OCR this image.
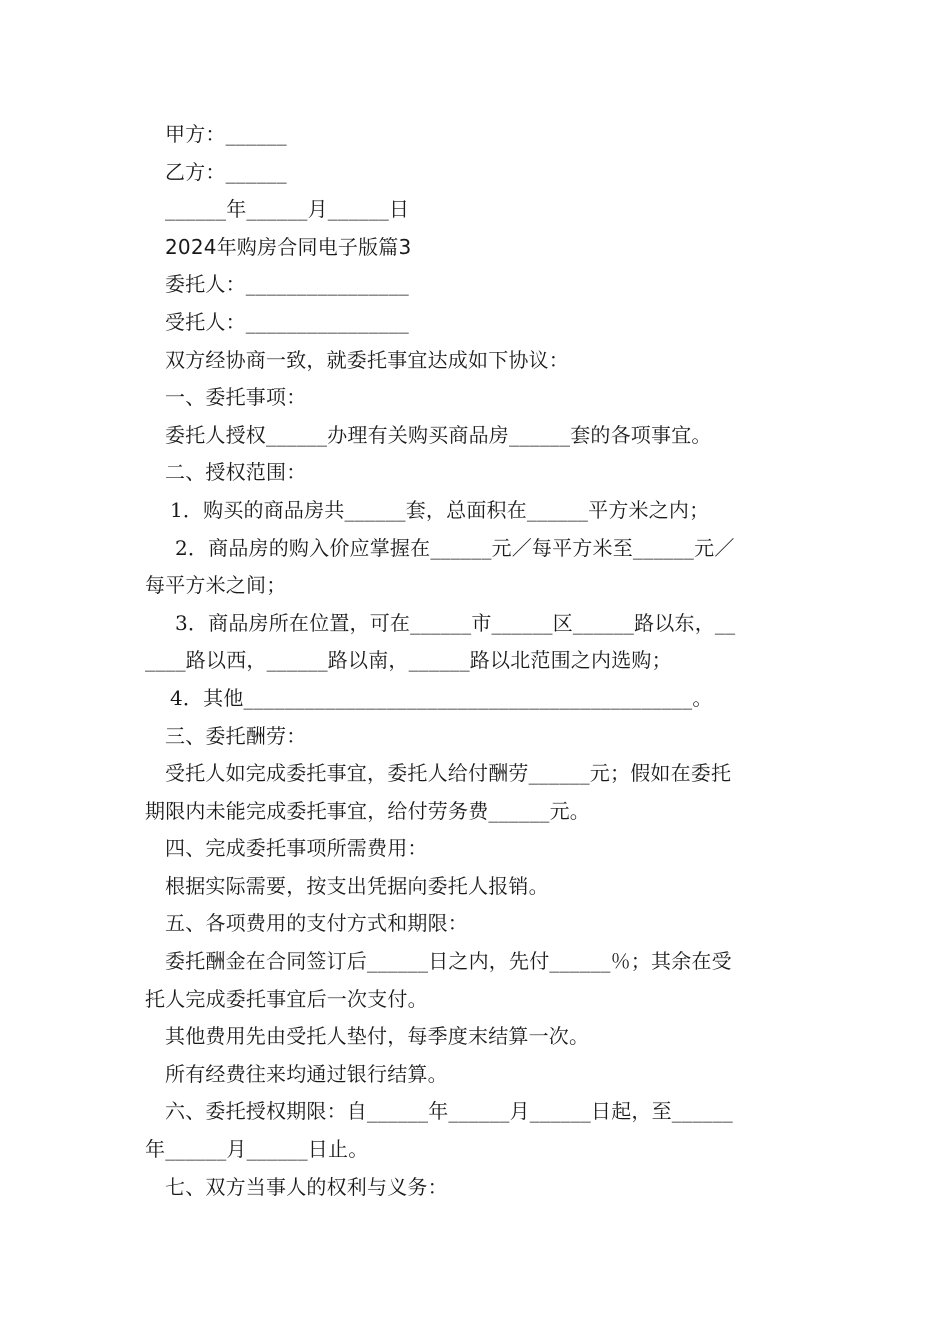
甲方：______
乙方：______
______年______月______日
2024年购房合同电子版篇3
委托人：________________
受托人：________________
双方经协商一致，就委托事宜达成如下协议：
一、委托事项：
委托人授权______办理有关购买商品房______套的各项事宜。
二、授权范围：
1．购买的商品房共______套，总面积在______平方米之内；
2．商品房的购入价应掌握在______元／每平方米至______元／
每平方米之间；
3．商品房所在位置，可在______市______区______路以东，__
____路以西，______路以南，______路以北范围之内选购；
4．其他____________________________________________。
三、委托酬劳：
受托人如完成委托事宜，委托人给付酬劳______元；假如在委托
期限内未能完成委托事宜，给付劳务费______元。
四、完成委托事项所需费用：
根据实际需要，按支出凭据向委托人报销。
五、各项费用的支付方式和期限：
委托酬金在合同签订后______日之内，先付______％；其余在受
托人完成委托事宜后一次支付。
其他费用先由受托人垫付，每季度末结算一次。
所有经费往来均通过银行结算。
六、委托授权期限：自______年______月______日起，至______
年______月______日止。
七、双方当事人的权利与义务：
